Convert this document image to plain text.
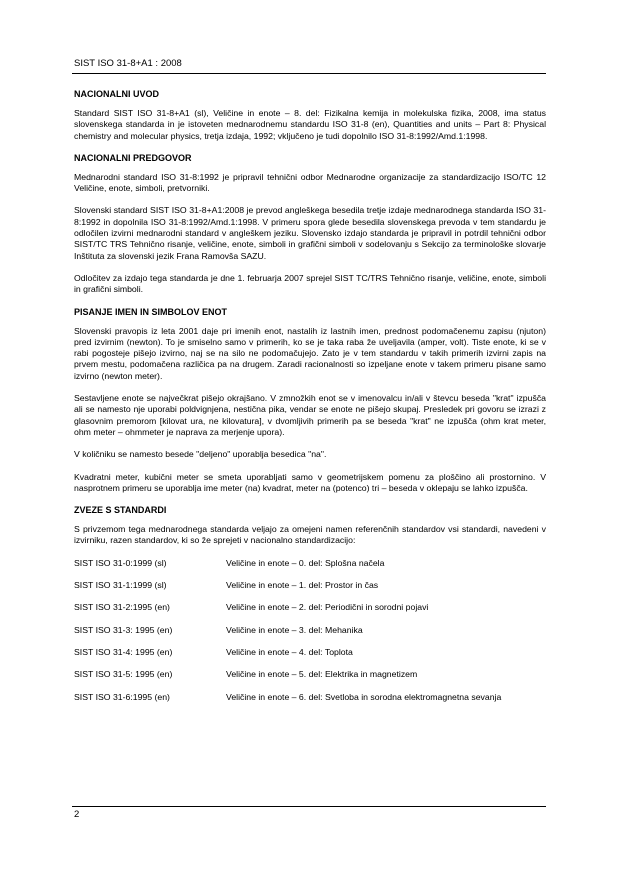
SIST ISO 31-8+A1 : 2008
NACIONALNI UVOD

Standard SIST ISO 31-8+A1 (sl), Veličine in enote – 8. del: Fizikalna kemija in molekulska fizika, 2008, ima status slovenskega standarda in je istoveten mednarodnemu standardu ISO 31-8 (en), Quantities and units – Part 8: Physical chemistry and molecular physics, tretja izdaja, 1992; vključeno je tudi dopolnilo ISO 31-8:1992/Amd.1:1998.

NACIONALNI PREDGOVOR

Mednarodni standard ISO 31-8:1992 je pripravil tehnični odbor Mednarodne organizacije za standardizacijo ISO/TC 12 Veličine, enote, simboli, pretvorniki.

Slovenski standard SIST ISO 31-8+A1:2008 je prevod angleškega besedila tretje izdaje mednarodnega standarda ISO 31-8:1992 in dopolnila ISO 31-8:1992/Amd.1:1998. V primeru spora glede besedila slovenskega prevoda v tem standardu je odločilen izvirni mednarodni standard v angleškem jeziku. Slovensko izdajo standarda je pripravil in potrdil tehnični odbor SIST/TC TRS Tehnično risanje, veličine, enote, simboli in grafični simboli v sodelovanju s Sekcijo za terminološke slovarje Inštituta za slovenski jezik Frana Ramovša SAZU.

Odločitev za izdajo tega standarda je dne 1. februarja 2007 sprejel SIST TC/TRS Tehnično risanje, veličine, enote, simboli in grafični simboli.

PISANJE IMEN IN SIMBOLOV ENOT

Slovenski pravopis iz leta 2001 daje pri imenih enot, nastalih iz lastnih imen, prednost podomačenemu zapisu (njuton) pred izvirnim (newton). To je smiselno samo v primerih, ko se je taka raba že uveljavila (amper, volt). Tiste enote, ki se v rabi pogosteje pišejo izvirno, naj se na silo ne podomačujejo. Zato je v tem standardu v takih primerih izvirni zapis na prvem mestu, podomačena različica pa na drugem. Zaradi racionalnosti so izpeljane enote v takem primeru pisane samo izvirno (newton meter).

Sestavljene enote se največkrat pišejo okrajšano. V zmnožkih enot se v imenovalcu in/ali v števcu beseda "krat" izpušča ali se namesto nje uporabi poldvignjena, nestična pika, vendar se enote ne pišejo skupaj. Presledek pri govoru se izrazi z glasovnim premorom [kilovat ura, ne kilovatura], v dvomljivih primerih pa se beseda "krat" ne izpušča (ohm krat meter, ohm meter – ohmmeter je naprava za merjenje upora).

V količniku se namesto besede "deljeno" uporablja besedica "na".

Kvadratni meter, kubični meter se smeta uporabljati samo v geometrijskem pomenu za ploščino ali prostornino. V nasprotnem primeru se uporablja ime meter (na) kvadrat, meter na (potenco) tri – beseda v oklepaju se lahko izpušča.

ZVEZE S STANDARDI

S privzemom tega mednarodnega standarda veljajo za omejeni namen referenčnih standardov vsi standardi, navedeni v izvirniku, razen standardov, ki so že sprejeti v nacionalno standardizacijo:

SIST ISO 31-0:1999 (sl)	Veličine in enote – 0. del: Splošna načela
SIST ISO 31-1:1999 (sl)	Veličine in enote – 1. del: Prostor in čas
SIST ISO 31-2:1995 (en)	Veličine in enote – 2. del: Periodični in sorodni pojavi
SIST ISO 31-3: 1995 (en)	Veličine in enote – 3. del: Mehanika
SIST ISO 31-4: 1995 (en)	Veličine in enote – 4. del: Toplota
SIST ISO 31-5: 1995 (en)	Veličine in enote – 5. del: Elektrika in magnetizem
SIST ISO 31-6:1995 (en)	Veličine in enote – 6. del: Svetloba in sorodna elektromagnetna sevanja
2
